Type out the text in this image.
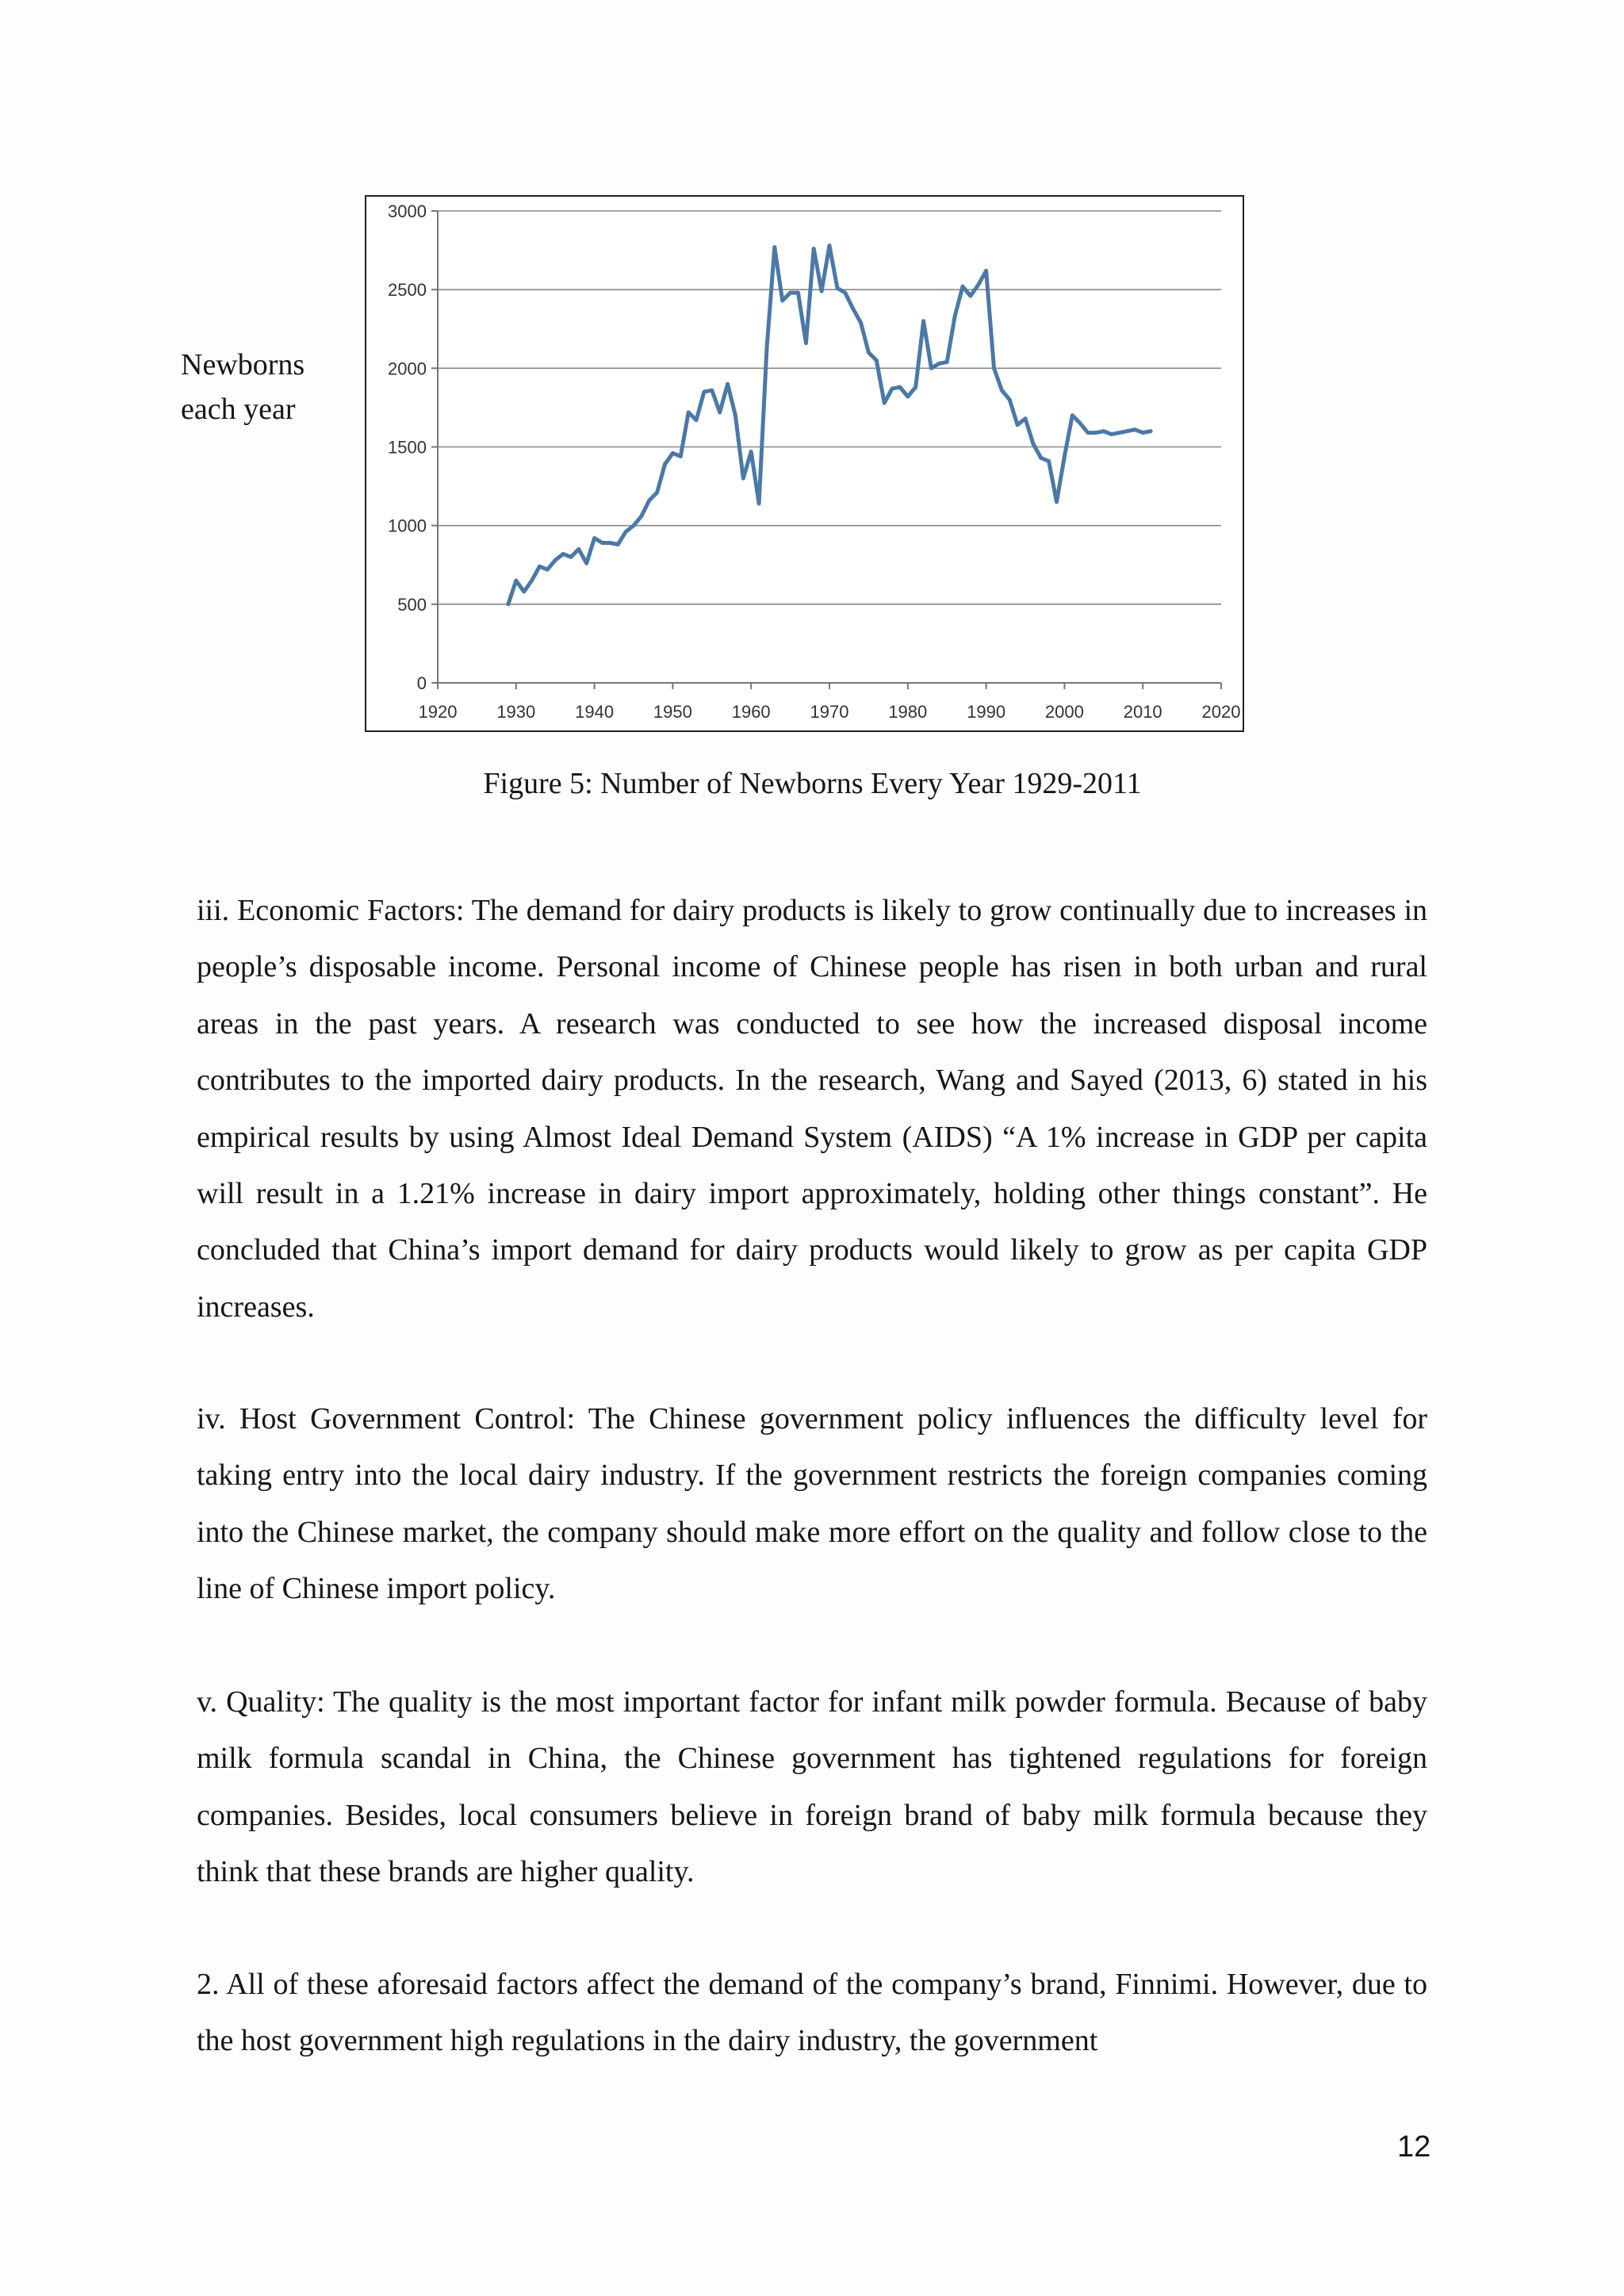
Newborns
each year
0
500
1000
1500
2000
2500
3000
1920 1930 1940 1950 1960 1970 1980 1990 2000 2010 2020
Figure 5: Number of Newborns Every Year 1929-2011

iii. Economic Factors: The demand for dairy products is likely to grow continually due to increases in people’s disposable income. Personal income of Chinese people has risen in both urban and rural areas in the past years. A research was conducted to see how the increased disposal income contributes to the imported dairy products. In the research, Wang and Sayed (2013, 6) stated in his empirical results by using Almost Ideal Demand System (AIDS) “A 1% increase in GDP per capita will result in a 1.21% increase in dairy import approximately, holding other things constant”. He concluded that China’s import demand for dairy products would likely to grow as per capita GDP increases.

iv. Host Government Control: The Chinese government policy influences the difficulty level for taking entry into the local dairy industry. If the government restricts the foreign companies coming into the Chinese market, the company should make more effort on the quality and follow close to the line of Chinese import policy.

v. Quality: The quality is the most important factor for infant milk powder formula. Because of baby milk formula scandal in China, the Chinese government has tightened regulations for foreign companies. Besides, local consumers believe in foreign brand of baby milk formula because they think that these brands are higher quality.

2. All of these aforesaid factors affect the demand of the company’s brand, Finnimi. However, due to the host government high regulations in the dairy industry, the government

12
